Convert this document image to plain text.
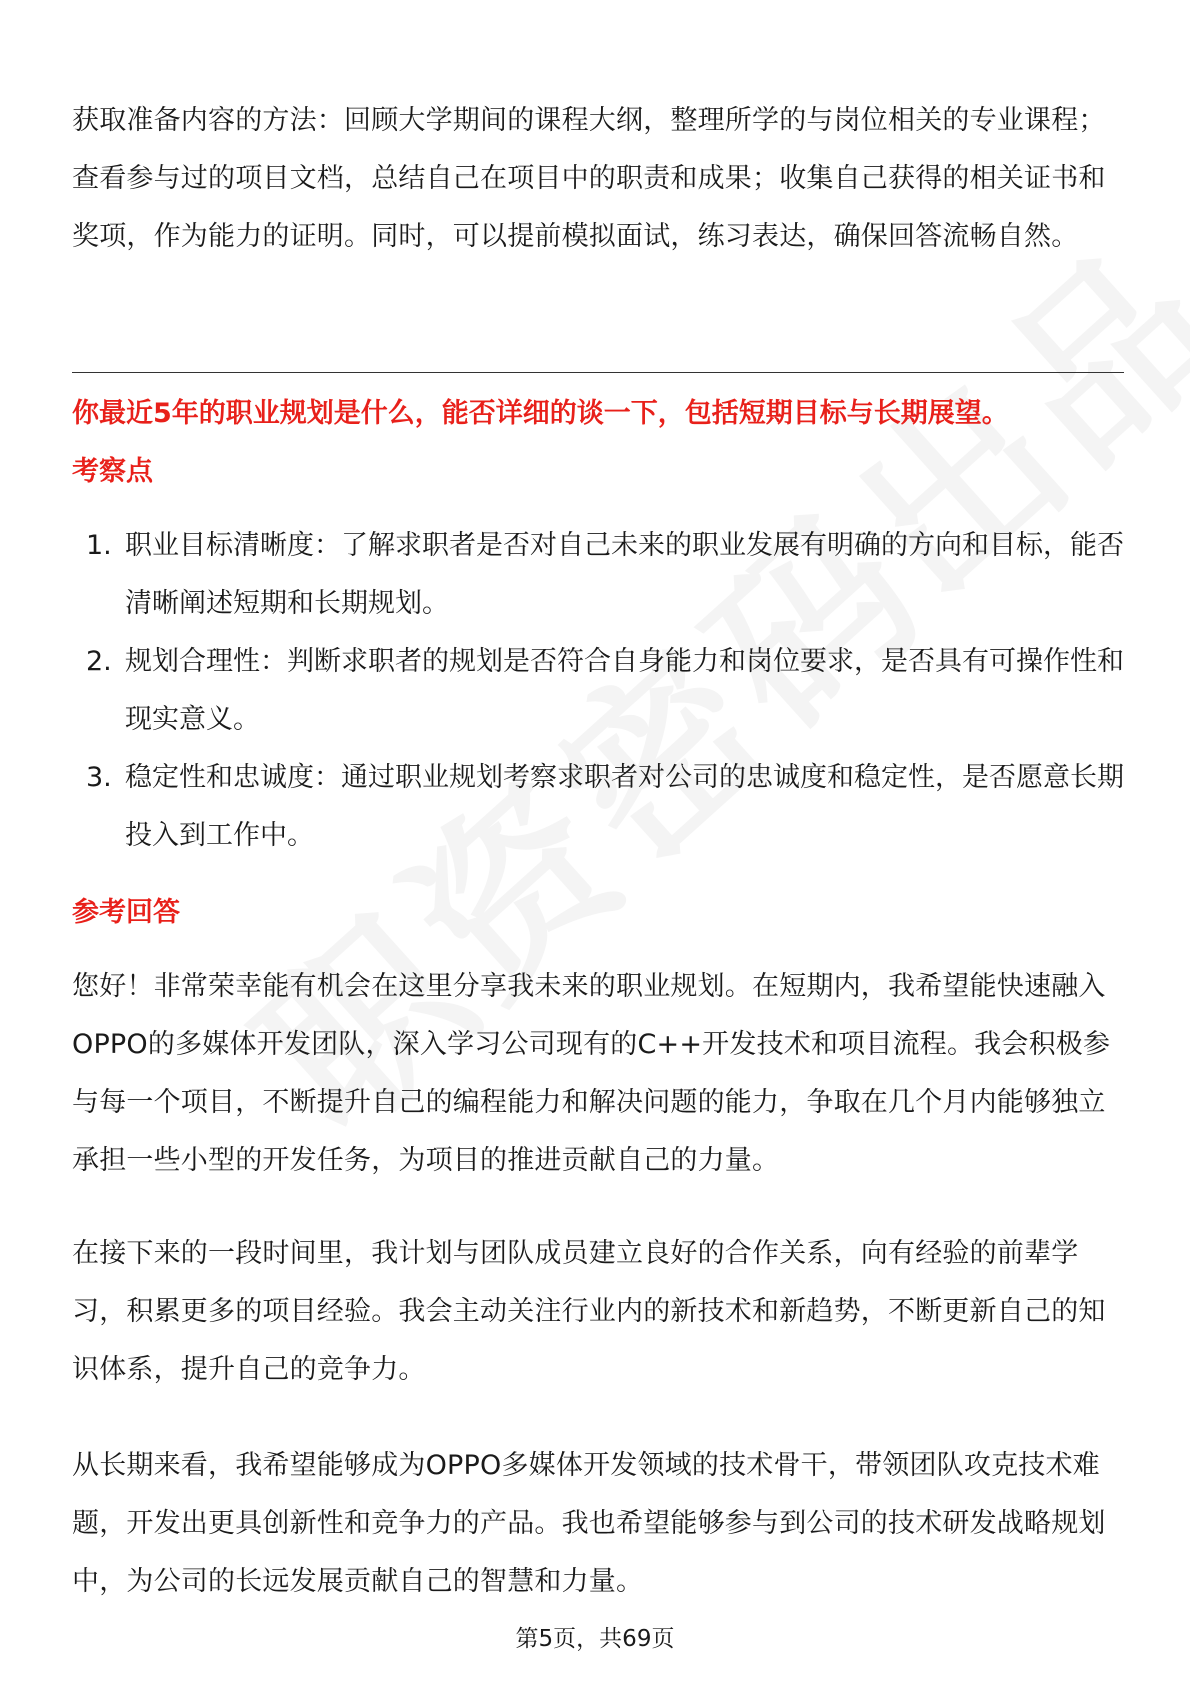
获取准备内容的方法：回顾大学期间的课程大纲，整理所学的与岗位相关的专业课程；查看参与过的项目文档，总结自己在项目中的职责和成果；收集自己获得的相关证书和奖项，作为能力的证明。同时，可以提前模拟面试，练习表达，确保回答流畅自然。

你最近5年的职业规划是什么，能否详细的谈一下，包括短期目标与长期展望。

考察点

1. 职业目标清晰度：了解求职者是否对自己未来的职业发展有明确的方向和目标，能否清晰阐述短期和长期规划。
2. 规划合理性：判断求职者的规划是否符合自身能力和岗位要求，是否具有可操作性和现实意义。
3. 稳定性和忠诚度：通过职业规划考察求职者对公司的忠诚度和稳定性，是否愿意长期投入到工作中。

参考回答

您好！非常荣幸能有机会在这里分享我未来的职业规划。在短期内，我希望能快速融入OPPO的多媒体开发团队，深入学习公司现有的C++开发技术和项目流程。我会积极参与每一个项目，不断提升自己的编程能力和解决问题的能力，争取在几个月内能够独立承担一些小型的开发任务，为项目的推进贡献自己的力量。

在接下来的一段时间里，我计划与团队成员建立良好的合作关系，向有经验的前辈学习，积累更多的项目经验。我会主动关注行业内的新技术和新趋势，不断更新自己的知识体系，提升自己的竞争力。

从长期来看，我希望能够成为OPPO多媒体开发领域的技术骨干，带领团队攻克技术难题，开发出更具创新性和竞争力的产品。我也希望能够参与到公司的技术研发战略规划中，为公司的长远发展贡献自己的智慧和力量。

第5页，共69页
